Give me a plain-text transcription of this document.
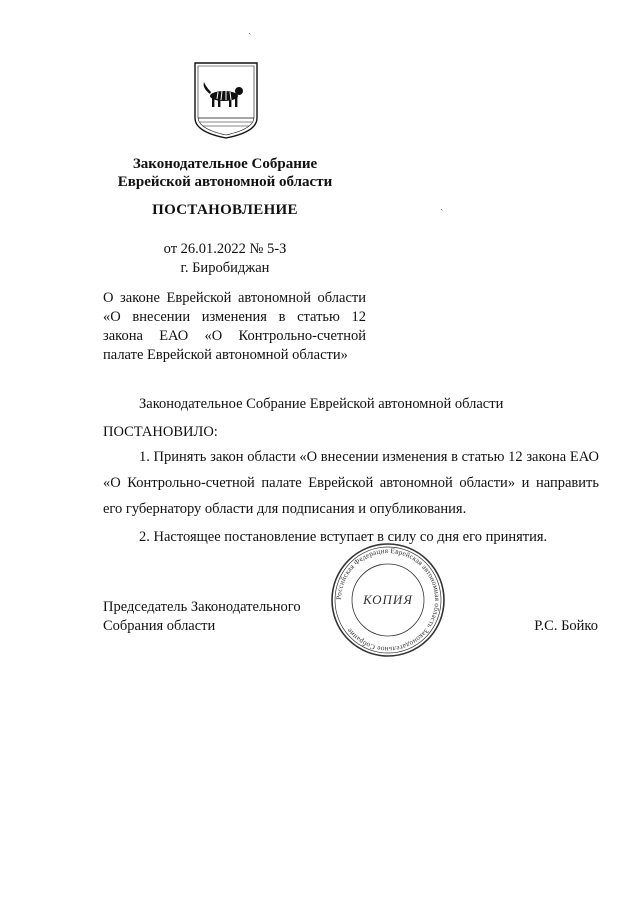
Законодательное Собрание
Еврейской автономной области
ПОСТАНОВЛЕНИЕ
от 26.01.2022 № 5-З
г. Биробиджан
О законе Еврейской автономной области
«О внесении изменения в статью 12
закона ЕАО «О Контрольно-счетной
палате Еврейской автономной области»

Законодательное Собрание Еврейской автономной области

ПОСТАНОВИЛО:

1. Принять закон области «О внесении изменения в статью 12 закона ЕАО «О Контрольно-счетной палате Еврейской автономной области» и направить его губернатору области для подписания и опубликования.

2. Настоящее постановление вступает в силу со дня его принятия.

Председатель Законодательного
Собрания области	Р.С. Бойко
Российская Федерация Еврейская автономная область Законодательное Собрание
КОПИЯ
ˏ
ˏ
